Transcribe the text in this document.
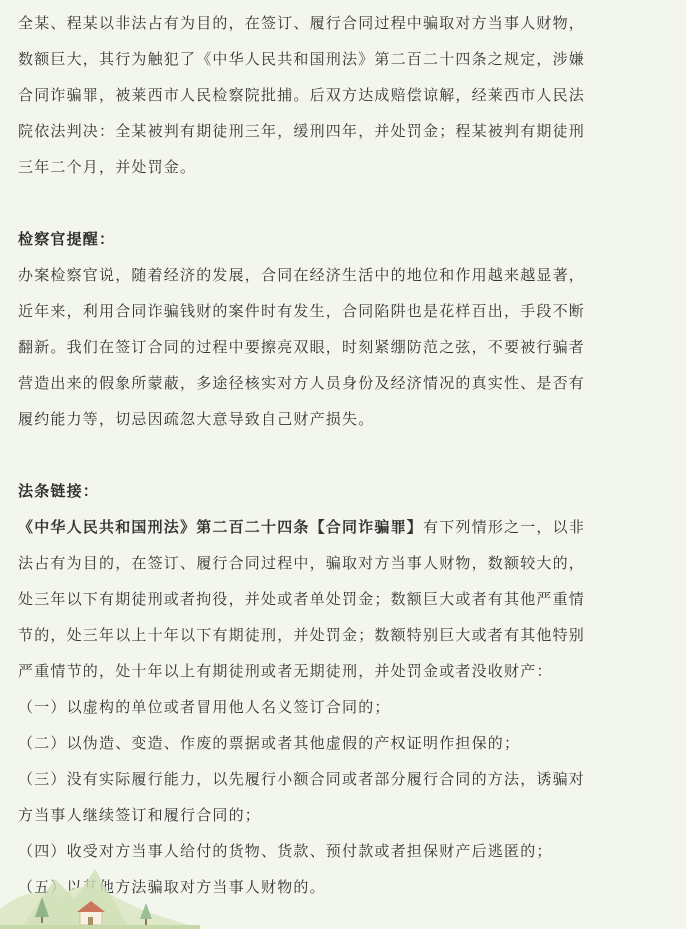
全某、程某以非法占有为目的，在签订、履行合同过程中骗取对方当事人财物，
数额巨大，其行为触犯了《中华人民共和国刑法》第二百二十四条之规定，涉嫌
合同诈骗罪，被莱西市人民检察院批捕。后双方达成赔偿谅解，经莱西市人民法
院依法判决：全某被判有期徒刑三年，缓刑四年，并处罚金；程某被判有期徒刑
三年二个月，并处罚金。
检察官提醒：
办案检察官说，随着经济的发展，合同在经济生活中的地位和作用越来越显著，
近年来，利用合同诈骗钱财的案件时有发生，合同陷阱也是花样百出，手段不断
翻新。我们在签订合同的过程中要擦亮双眼，时刻紧绷防范之弦，不要被行骗者
营造出来的假象所蒙蔽，多途径核实对方人员身份及经济情况的真实性、是否有
履约能力等，切忌因疏忽大意导致自己财产损失。
法条链接：
《中华人民共和国刑法》第二百二十四条【合同诈骗罪】有下列情形之一，以非
法占有为目的，在签订、履行合同过程中，骗取对方当事人财物，数额较大的，
处三年以下有期徒刑或者拘役，并处或者单处罚金；数额巨大或者有其他严重情
节的，处三年以上十年以下有期徒刑，并处罚金；数额特别巨大或者有其他特别
严重情节的，处十年以上有期徒刑或者无期徒刑，并处罚金或者没收财产：
（一）以虚构的单位或者冒用他人名义签订合同的；
（二）以伪造、变造、作废的票据或者其他虚假的产权证明作担保的；
（三）没有实际履行能力，以先履行小额合同或者部分履行合同的方法，诱骗对
方当事人继续签订和履行合同的；
（四）收受对方当事人给付的货物、货款、预付款或者担保财产后逃匿的；
（五）以其他方法骗取对方当事人财物的。
